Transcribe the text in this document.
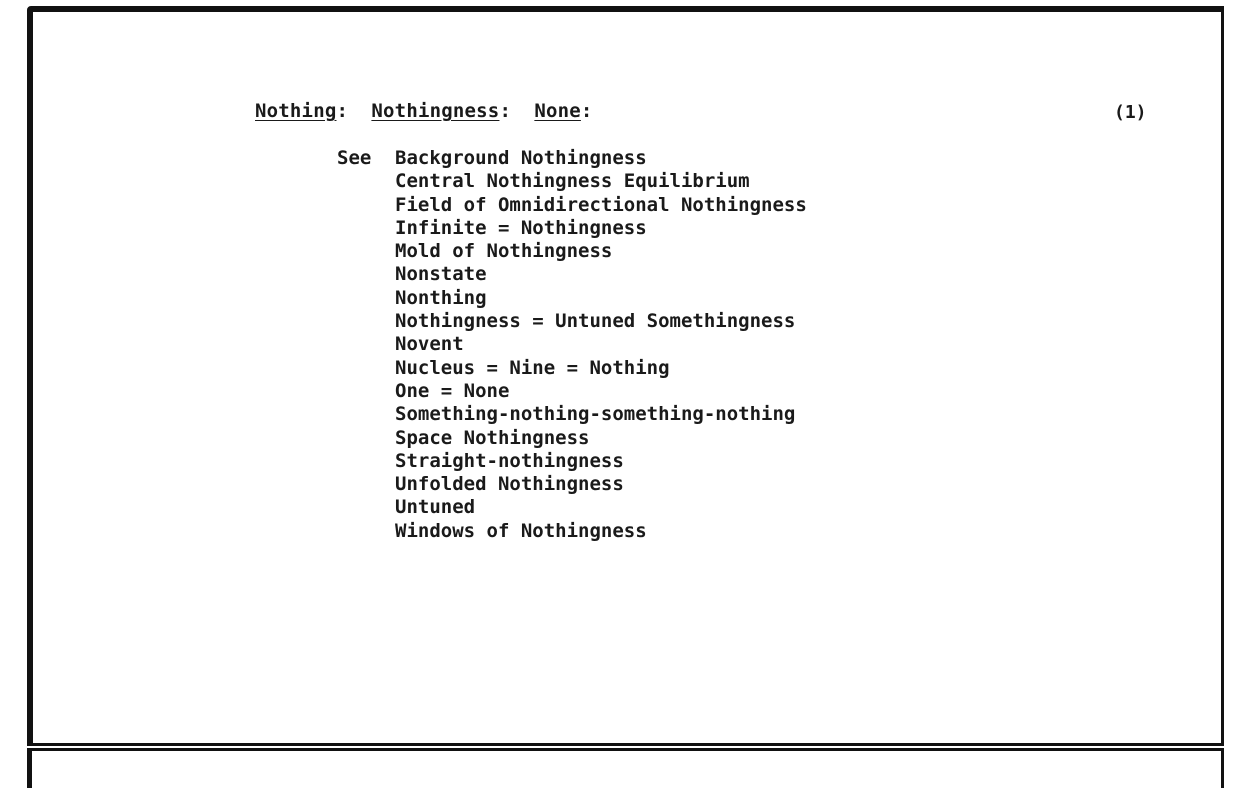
Nothing: Nothingness: None:	(1)
See Background Nothingness
Central Nothingness Equilibrium
Field of Omnidirectional Nothingness
Infinite = Nothingness
Mold of Nothingness
Nonstate
Nonthing
Nothingness = Untuned Somethingness
Novent
Nucleus = Nine = Nothing
One = None
Something-nothing-something-nothing
Space Nothingness
Straight-nothingness
Unfolded Nothingness
Untuned
Windows of Nothingness
